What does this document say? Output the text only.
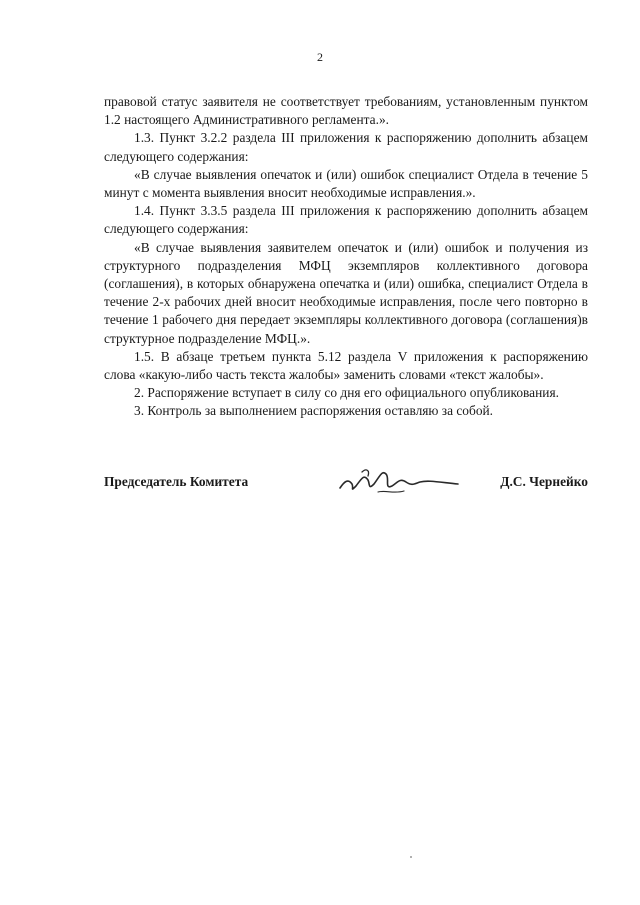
2

правовой статус заявителя не соответствует требованиям, установленным пунктом 1.2 настоящего Административного регламента.».

1.3. Пункт 3.2.2 раздела III приложения к распоряжению дополнить абзацем следующего содержания:

«В случае выявления опечаток и (или) ошибок специалист Отдела в течение 5 минут с момента выявления вносит необходимые исправления.».

1.4. Пункт 3.3.5 раздела III приложения к распоряжению дополнить абзацем следующего содержания:

«В случае выявления заявителем опечаток и (или) ошибок и получения из структурного подразделения МФЦ экземпляров коллективного договора (соглашения), в которых обнаружена опечатка и (или) ошибка, специалист Отдела в течение 2-х рабочих дней вносит необходимые исправления, после чего повторно в течение 1 рабочего дня передает экземпляры коллективного договора (соглашения)в структурное подразделение МФЦ.».

1.5. В абзаце третьем пункта 5.12 раздела V приложения к распоряжению слова «какую-либо часть текста жалобы» заменить словами «текст жалобы».

2. Распоряжение вступает в силу со дня его официального опубликования.

3. Контроль за выполнением распоряжения оставляю за собой.

Председатель Комитета	Д.С. Чернейко
